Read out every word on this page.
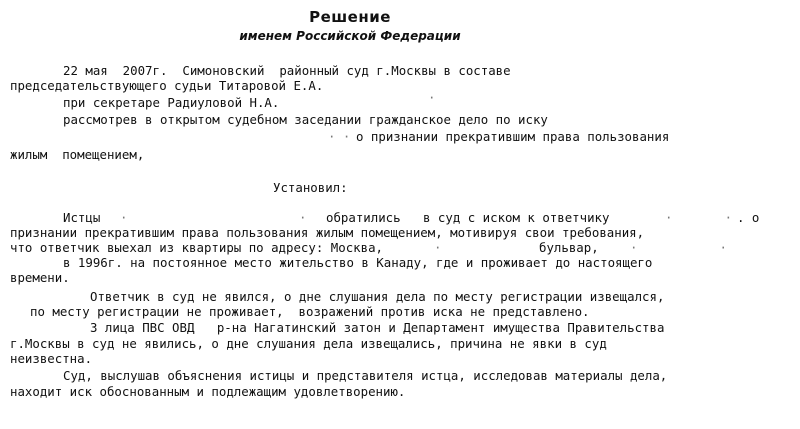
Решение
именем Российской Федерации
22 мая  2007г.  Симоновский  районный суд г.Москвы в составе
председательствующего судьи Титаровой Е.А.
·
при секретаре Радиуловой Н.А.
рассмотрев в открытом судебном заседании гражданское дело по иску
· · о признании прекратившим права пользования
жилым  помещением,
Установил:
Истцы ·                       · обратились   в суд с иском к ответчику	·       · . о
признании прекратившим права пользования жилым помещением, мотивируя свои требования,
что ответчик выехал из квартиры по адресу: Москва,	·	бульвар,	·           ·
в 1996г. на постоянное место жительство в Канаду, где и проживает до настоящего
времени.
Ответчик в суд не явился, о дне слушания дела по месту регистрации извещался,
по месту регистрации не проживает,  возражений против иска не представлено.
3 лица ПВС ОВД   р-на Нагатинский затон и Департамент имущества Правительства
г.Москвы в суд не явились, о дне слушания дела извещались, причина не явки в суд
неизвестна.
Суд, выслушав объяснения истицы и представителя истца, исследовав материалы дела,
находит иск обоснованным и подлежащим удовлетворению.
